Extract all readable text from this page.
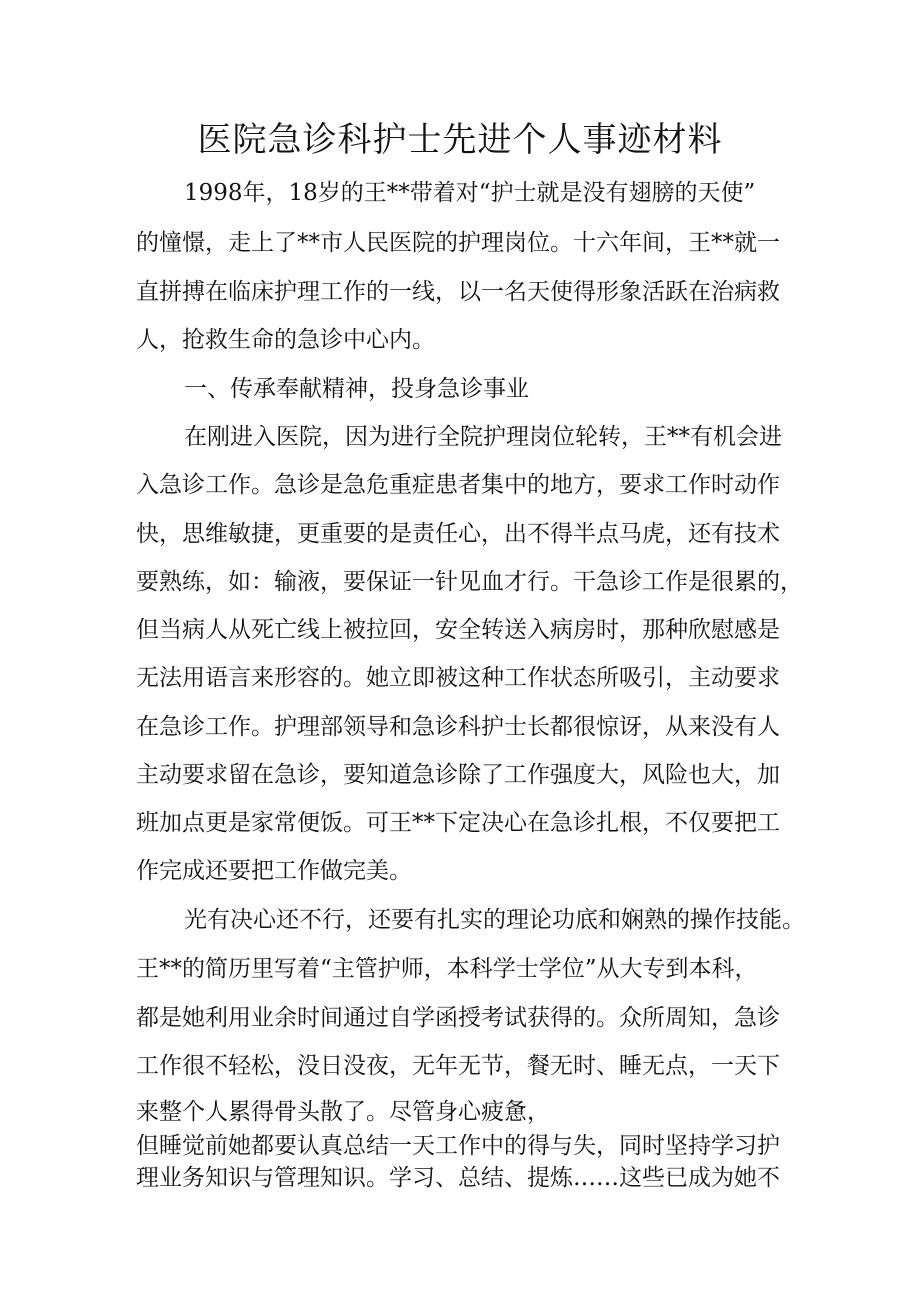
医院急诊科护士先进个人事迹材料
1998年，18岁的王**带着对“护士就是没有翅膀的天使”
的憧憬，走上了**市人民医院的护理岗位。十六年间，王**就一
直拼搏在临床护理工作的一线，以一名天使得形象活跃在治病救
人，抢救生命的急诊中心内。
一、传承奉献精神，投身急诊事业
在刚进入医院，因为进行全院护理岗位轮转，王**有机会进
入急诊工作。急诊是急危重症患者集中的地方，要求工作时动作
快，思维敏捷，更重要的是责任心，出不得半点马虎，还有技术
要熟练，如：输液，要保证一针见血才行。干急诊工作是很累的，
但当病人从死亡线上被拉回，安全转送入病房时，那种欣慰感是
无法用语言来形容的。她立即被这种工作状态所吸引，主动要求
在急诊工作。护理部领导和急诊科护士长都很惊讶，从来没有人
主动要求留在急诊，要知道急诊除了工作强度大，风险也大，加
班加点更是家常便饭。可王**下定决心在急诊扎根，不仅要把工
作完成还要把工作做完美。
光有决心还不行，还要有扎实的理论功底和娴熟的操作技能。
王**的简历里写着“主管护师，本科学士学位”从大专到本科，
都是她利用业余时间通过自学函授考试获得的。众所周知，急诊
工作很不轻松，没日没夜，无年无节，餐无时、睡无点，一天下
来整个人累得骨头散了。尽管身心疲惫，
但睡觉前她都要认真总结一天工作中的得与失，同时坚持学习护
理业务知识与管理知识。学习、总结、提炼……这些已成为她不
